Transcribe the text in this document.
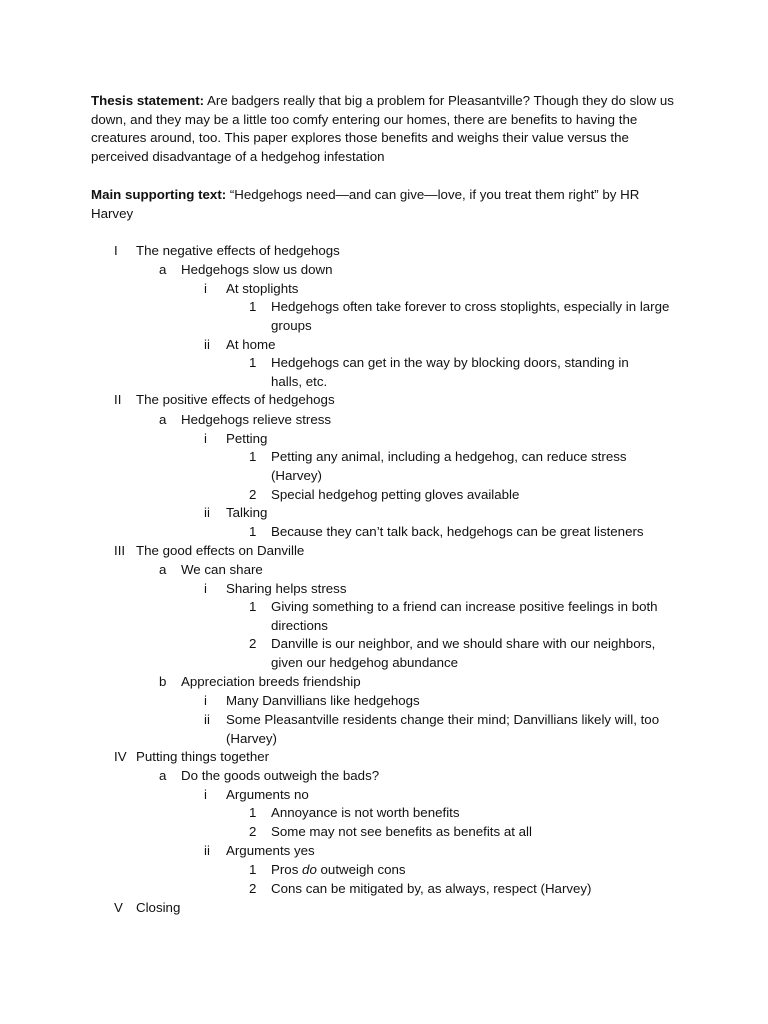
Thesis statement: Are badgers really that big a problem for Pleasantville? Though they do slow us down, and they may be a little too comfy entering our homes, there are benefits to having the creatures around, too. This paper explores those benefits and weighs their value versus the perceived disadvantage of a hedgehog infestation
Main supporting text: “Hedgehogs need—and can give—love, if you treat them right” by HR Harvey
I The negative effects of hedgehogs
a Hedgehogs slow us down
i At stoplights
1 Hedgehogs often take forever to cross stoplights, especially in large groups
ii At home
1 Hedgehogs can get in the way by blocking doors, standing in halls, etc.
II The positive effects of hedgehogs
a Hedgehogs relieve stress
i Petting
1 Petting any animal, including a hedgehog, can reduce stress (Harvey)
2 Special hedgehog petting gloves available
ii Talking
1 Because they can’t talk back, hedgehogs can be great listeners
III The good effects on Danville
a We can share
i Sharing helps stress
1 Giving something to a friend can increase positive feelings in both directions
2 Danville is our neighbor, and we should share with our neighbors, given our hedgehog abundance
b Appreciation breeds friendship
i Many Danvillians like hedgehogs
ii Some Pleasantville residents change their mind; Danvillians likely will, too (Harvey)
IV Putting things together
a Do the goods outweigh the bads?
i Arguments no
1 Annoyance is not worth benefits
2 Some may not see benefits as benefits at all
ii Arguments yes
1 Pros do outweigh cons
2 Cons can be mitigated by, as always, respect (Harvey)
V Closing
